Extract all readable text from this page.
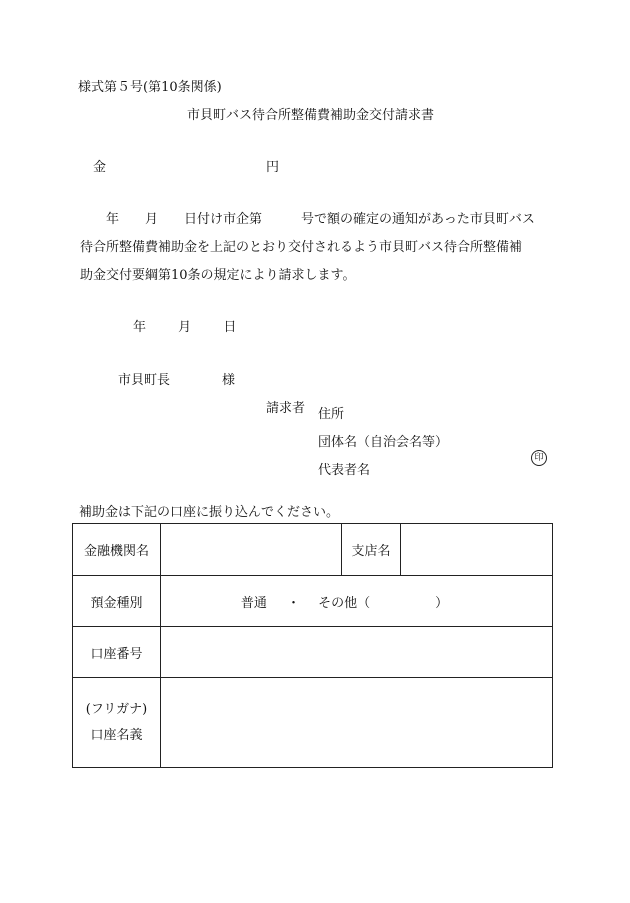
様式第５号(第10条関係)
市貝町バス待合所整備費補助金交付請求書
金	円
年　　月　　日付け市企第　　　号で額の確定の通知があった市貝町バス
待合所整備費補助金を上記のとおり交付されるよう市貝町バス待合所整備補
助金交付要綱第10条の規定により請求します。
年 月 日
市貝町長	様
請求者 住所
団体名（自治会名等）
代表者名
印
補助金は下記の口座に振り込んでください。
金融機関名		支店名	
預金種別	普通 ・ その他（　　　　　）		
口座番号			

(フリガナ)
口座名義			
